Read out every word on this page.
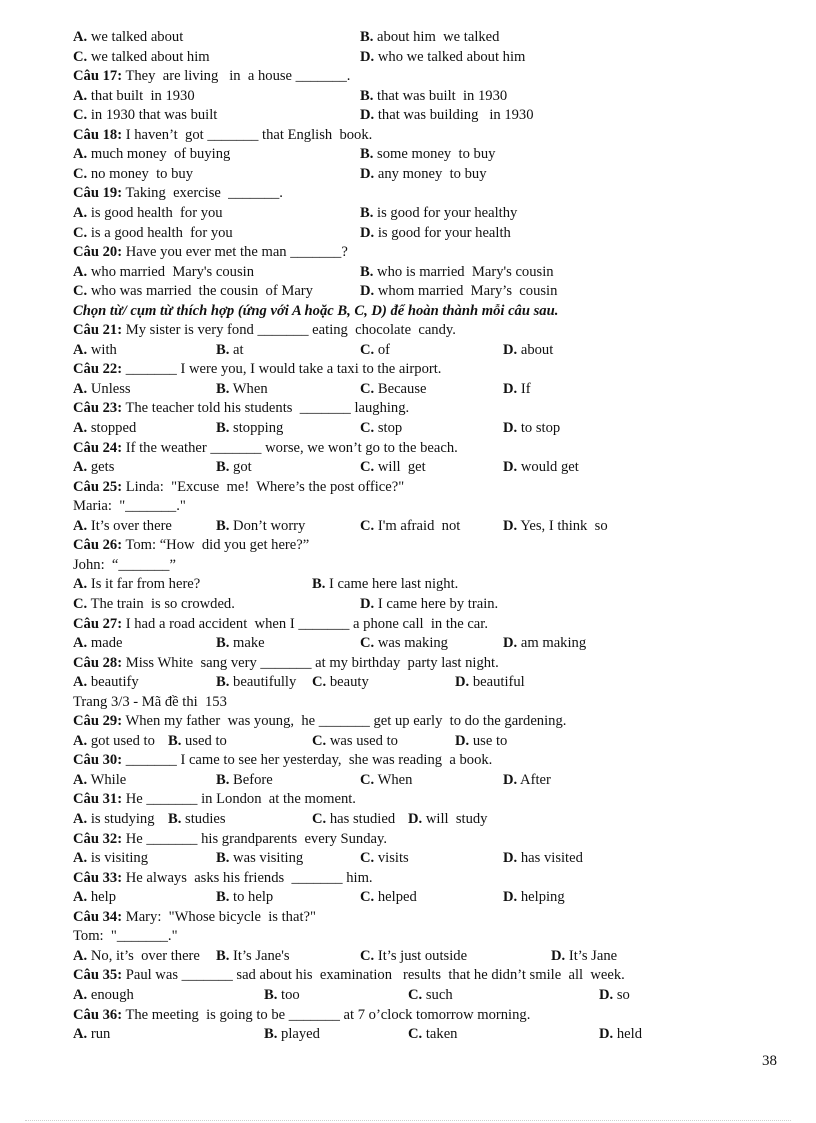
A. we talked about	B. about him  we talked
C. we talked about him	D. who we talked about him
Câu 17: They  are living   in  a house _______.
A. that built  in 1930	B. that was built  in 1930
C. in 1930 that was built	D. that was building   in 1930
Câu 18: I haven’t  got _______ that English  book.
A. much money  of buying	B. some money  to buy
C. no money  to buy	D. any money  to buy
Câu 19: Taking  exercise  _______.
A. is good health  for you	B. is good for your healthy
C. is a good health  for you	D. is good for your health
Câu 20: Have you ever met the man _______?
A. who married  Mary's cousin	B. who is married  Mary's cousin
C. who was married  the cousin  of Mary	D. whom married  Mary’s  cousin
Chọn từ/ cụm từ thích hợp (ứng với A hoặc B, C, D) để hoàn thành mỗi câu sau.
Câu 21: My sister is very fond _______ eating  chocolate  candy.
A. with	B. at	C. of	D. about
Câu 22: _______ I were you, I would take a taxi to the airport.
A. Unless	B. When	C. Because	D. If
Câu 23: The teacher told his students  _______ laughing.
A. stopped	B. stopping	C. stop	D. to stop
Câu 24: If the weather _______ worse, we won’t go to the beach.
A. gets	B. got	C. will  get	D. would get
Câu 25: Linda:  "Excuse  me!  Where’s the post office?"
Maria:  "_______."
A. It’s over there	B. Don’t worry	C. I'm afraid  not	D. Yes, I think  so
Câu 26: Tom: “How  did you get here?”
John:  “_______”
A. Is it far from here?	B. I came here last night.
C. The train  is so crowded.	D. I came here by train.
Câu 27: I had a road accident  when I _______ a phone call  in the car.
A. made	B. make	C. was making	D. am making
Câu 28: Miss White  sang very _______ at my birthday  party last night.
A. beautify	B. beautifully C. beauty	D. beautiful
Trang 3/3 - Mã đề thi  153
Câu 29: When my father  was young,  he _______ get up early  to do the gardening.
A. got used to B. used to	C. was used to	D. use to
Câu 30: _______ I came to see her yesterday,  she was reading  a book.
A. While	B. Before	C. When	D. After
Câu 31: He _______ in London  at the moment.
A. is studying B. studies	C. has studied D. will  study
Câu 32: He _______ his grandparents  every Sunday.
A. is visiting	B. was visiting	C. visits	D. has visited
Câu 33: He always  asks his friends  _______ him.
A. help	B. to help	C. helped	D. helping
Câu 34: Mary:  "Whose bicycle  is that?"
Tom:  "_______."
A. No, it’s  over there B. It’s Jane's	C. It’s just outside	D. It’s Jane
Câu 35: Paul was _______ sad about his  examination   results  that he didn’t smile  all  week.
A. enough	B. too	C. such	D. so
Câu 36: The meeting  is going to be _______ at 7 o’clock tomorrow morning.
A. run	B. played	C. taken	D. held
38
